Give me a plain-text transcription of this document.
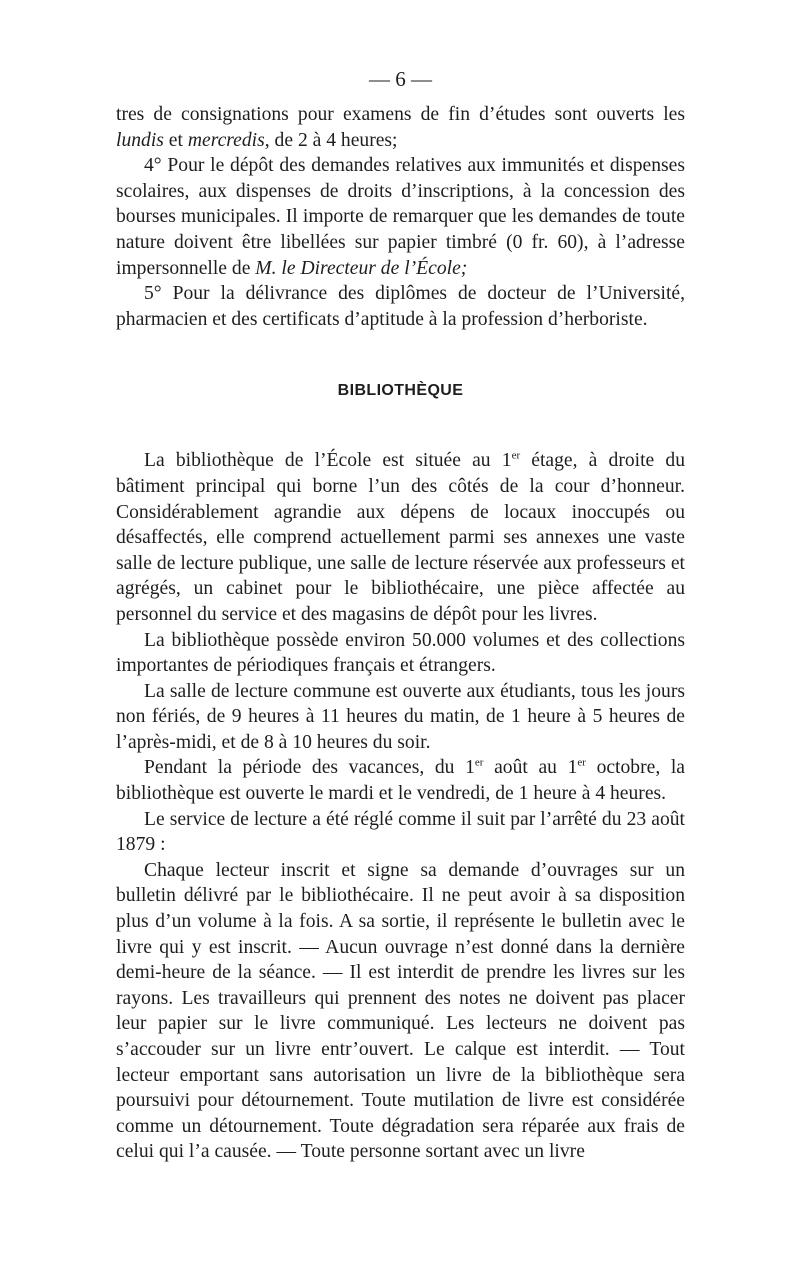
— 6 —

tres de consignations pour examens de fin d’études sont ouverts les lundis et mercredis, de 2 à 4 heures;

4° Pour le dépôt des demandes relatives aux immunités et dispenses scolaires, aux dispenses de droits d’inscriptions, à la concession des bourses municipales. Il importe de remarquer que les demandes de toute nature doivent être libellées sur papier timbré (0 fr. 60), à l’adresse impersonnelle de M. le Directeur de l’École;

5° Pour la délivrance des diplômes de docteur de l’Université, pharmacien et des certificats d’aptitude à la profession d’herboriste.

BIBLIOTHÈQUE

La bibliothèque de l’École est située au 1er étage, à droite du bâtiment principal qui borne l’un des côtés de la cour d’honneur. Considérablement agrandie aux dépens de locaux inoccupés ou désaffectés, elle comprend actuellement parmi ses annexes une vaste salle de lecture publique, une salle de lecture réservée aux professeurs et agrégés, un cabinet pour le bibliothécaire, une pièce affectée au personnel du service et des magasins de dépôt pour les livres.

La bibliothèque possède environ 50.000 volumes et des collections importantes de périodiques français et étrangers.

La salle de lecture commune est ouverte aux étudiants, tous les jours non fériés, de 9 heures à 11 heures du matin, de 1 heure à 5 heures de l’après-midi, et de 8 à 10 heures du soir.

Pendant la période des vacances, du 1er août au 1er octobre, la bibliothèque est ouverte le mardi et le vendredi, de 1 heure à 4 heures.

Le service de lecture a été réglé comme il suit par l’arrêté du 23 août 1879 :

Chaque lecteur inscrit et signe sa demande d’ouvrages sur un bulletin délivré par le bibliothécaire. Il ne peut avoir à sa disposition plus d’un volume à la fois. A sa sortie, il représente le bulletin avec le livre qui y est inscrit. — Aucun ouvrage n’est donné dans la dernière demi-heure de la séance. — Il est interdit de prendre les livres sur les rayons. Les travailleurs qui prennent des notes ne doivent pas placer leur papier sur le livre communiqué. Les lecteurs ne doivent pas s’accouder sur un livre entr’ouvert. Le calque est interdit. — Tout lecteur emportant sans autorisation un livre de la bibliothèque sera poursuivi pour détournement. Toute mutilation de livre est considérée comme un détournement. Toute dégradation sera réparée aux frais de celui qui l’a causée. — Toute personne sortant avec un livre
